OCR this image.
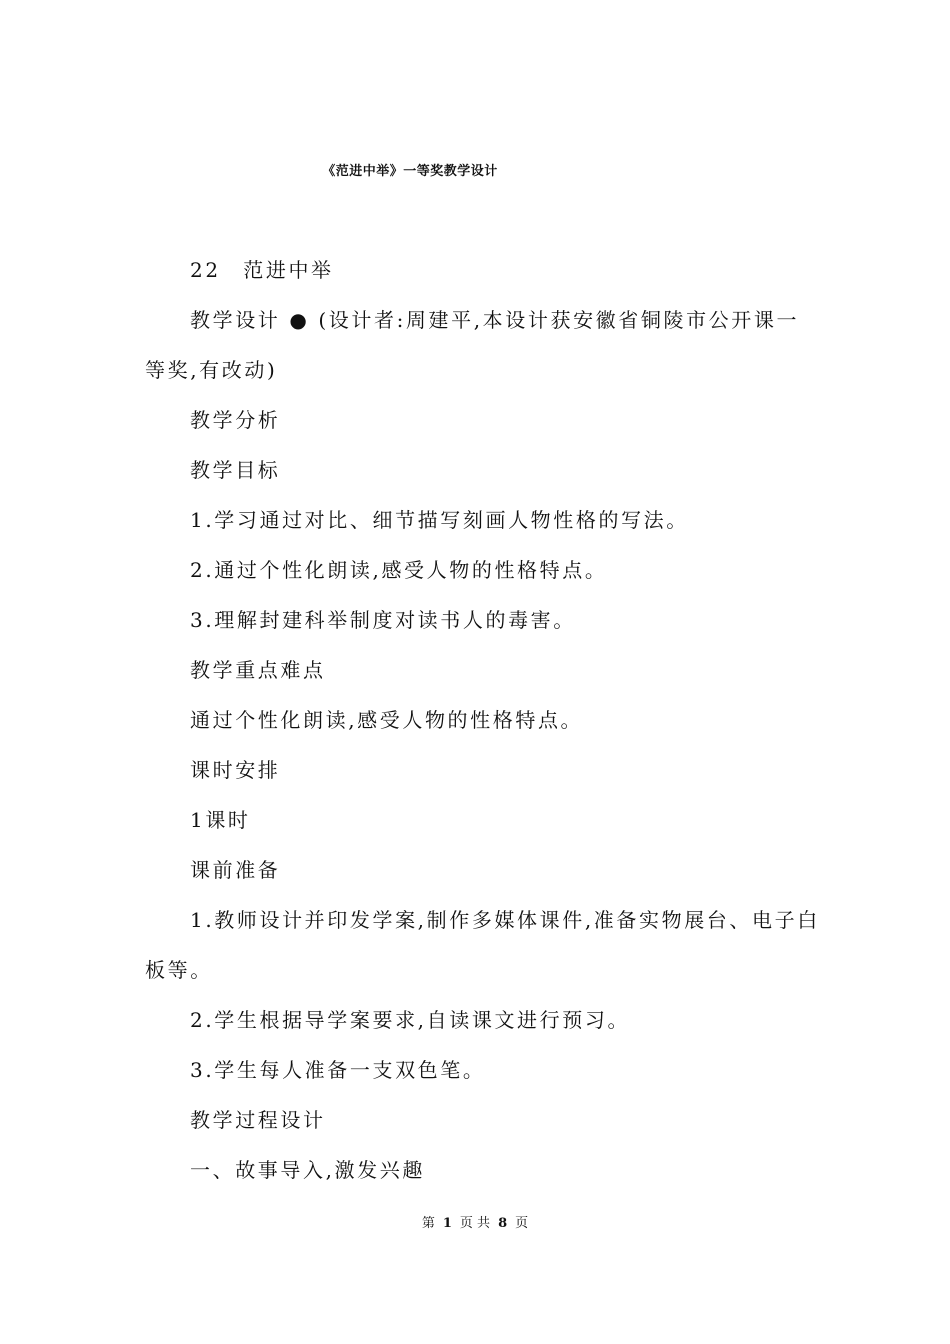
《范进中举》一等奖教学设计
22　范进中举
教学设计 ● (设计者:周建平,本设计获安徽省铜陵市公开课一
等奖,有改动)
教学分析
教学目标
1.学习通过对比、细节描写刻画人物性格的写法。
2.通过个性化朗读,感受人物的性格特点。
3.理解封建科举制度对读书人的毒害。
教学重点难点
通过个性化朗读,感受人物的性格特点。
课时安排
1课时
课前准备
1.教师设计并印发学案,制作多媒体课件,准备实物展台、电子白
板等。
2.学生根据导学案要求,自读课文进行预习。
3.学生每人准备一支双色笔。
教学过程设计
一、故事导入,激发兴趣
第 1 页 共 8 页
